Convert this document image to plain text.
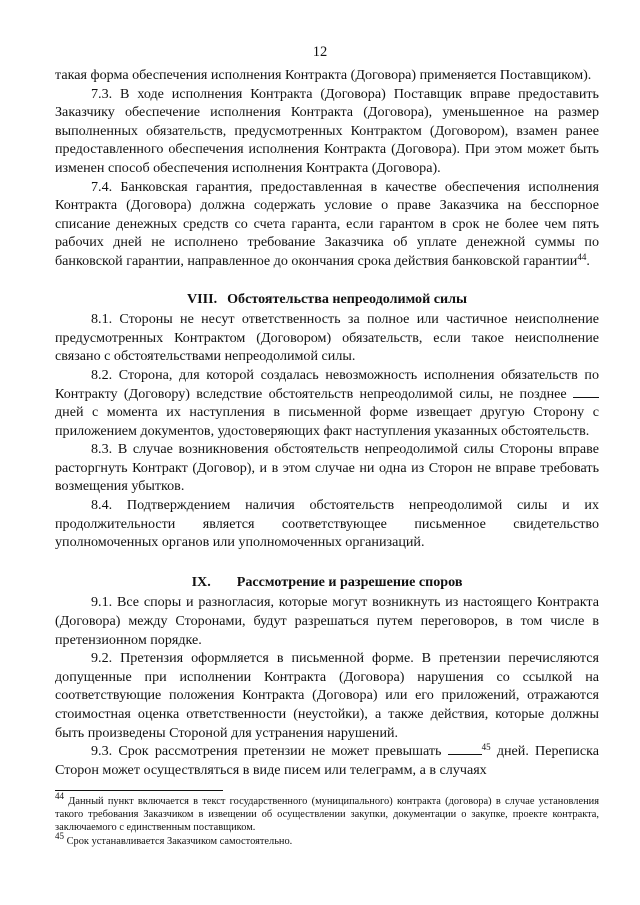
12

такая форма обеспечения исполнения Контракта (Договора) применяется Поставщиком).

7.3. В ходе исполнения Контракта (Договора) Поставщик вправе предоставить Заказчику обеспечение исполнения Контракта (Договора), уменьшенное на размер выполненных обязательств, предусмотренных Контрактом (Договором), взамен ранее предоставленного обеспечения исполнения Контракта (Договора). При этом может быть изменен способ обеспечения исполнения Контракта (Договора).

7.4. Банковская гарантия, предоставленная в качестве обеспечения исполнения Контракта (Договора) должна содержать условие о праве Заказчика на бесспорное списание денежных средств со счета гаранта, если гарантом в срок не более чем пять рабочих дней не исполнено требование Заказчика об уплате денежной суммы по банковской гарантии, направленное до окончания срока действия банковской гарантии$^{44}$.

VIII. Обстоятельства непреодолимой силы

8.1. Стороны не несут ответственность за полное или частичное неисполнение предусмотренных Контрактом (Договором) обязательств, если такое неисполнение связано с обстоятельствами непреодолимой силы.

8.2. Сторона, для которой создалась невозможность исполнения обязательств по Контракту (Договору) вследствие обстоятельств непреодолимой силы, не позднее  дней с момента их наступления в письменной форме извещает другую Сторону с приложением документов, удостоверяющих факт наступления указанных обстоятельств.

8.3. В случае возникновения обстоятельств непреодолимой силы Стороны вправе расторгнуть Контракт (Договор), и в этом случае ни одна из Сторон не вправе требовать возмещения убытков.

8.4. Подтверждением наличия обстоятельств непреодолимой силы и их продолжительности является соответствующее письменное свидетельство уполномоченных органов или уполномоченных организаций.

IX. Рассмотрение и разрешение споров

9.1. Все споры и разногласия, которые могут возникнуть из настоящего Контракта (Договора) между Сторонами, будут разрешаться путем переговоров, в том числе в претензионном порядке.

9.2. Претензия оформляется в письменной форме. В претензии перечисляются допущенные при исполнении Контракта (Договора) нарушения со ссылкой на соответствующие положения Контракта (Договора) или его приложений, отражаются стоимостная оценка ответственности (неустойки), а также действия, которые должны быть произведены Стороной для устранения нарушений.

9.3. Срок рассмотрения претензии не может превышать	$^{45}$ дней. Переписка Сторон может осуществляться в виде писем или телеграмм, а в случаях

$^{44}$ Данный пункт включается в текст государственного (муниципального) контракта (договора) в случае установления такого требования Заказчиком в извещении об осуществлении закупки, документации о закупке, проекте контракта, заключаемого с единственным поставщиком.

$^{45}$ Срок устанавливается Заказчиком самостоятельно.
